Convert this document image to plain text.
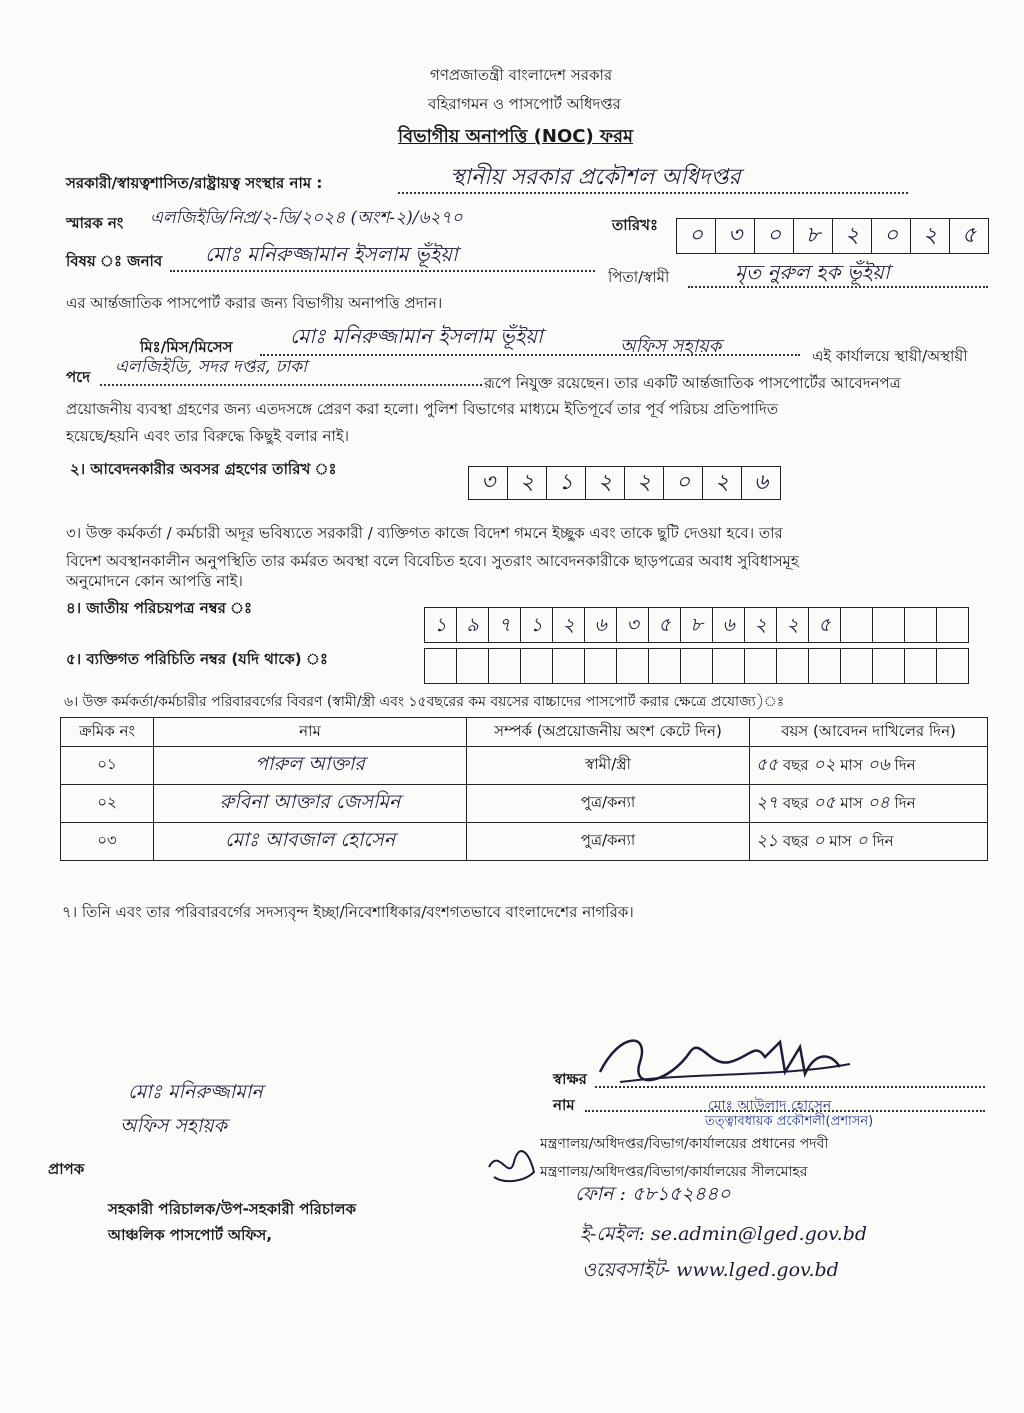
গণপ্রজাতন্ত্রী বাংলাদেশ সরকার
বহিরাগমন ও পাসপোর্ট অধিদপ্তর
বিভাগীয় অনাপত্তি (NOC) ফরম
সরকারী/স্বায়ত্বশাসিত/রাষ্ট্রায়ত্ব সংস্থার নাম :	স্থানীয় সরকার প্রকৌশল অধিদপ্তর
স্মারক নং এলজিইডি/নিপ্র/২-ডি/২০২৪ (অংশ-২)/৬২৭০	তারিখঃ	০	৩	০	৮	২	০	২	৫
বিষয় ঃ জনাব মোঃ মনিরুজ্জামান ইসলাম ভূঁইয়া
পিতা/স্বামী	মৃত নুরুল হক ভূঁইয়া
এর আর্ন্তজাতিক পাসপোর্ট করার জন্য বিভাগীয় অনাপত্তি প্রদান।
মিঃ/মিস/মিসেস	মোঃ মনিরুজ্জামান ইসলাম ভূঁইয়া	অফিস সহায়ক	এই কার্যালয়ে স্থায়ী/অস্থায়ী
পদে এলজিইডি, সদর দপ্তর, ঢাকা
রূপে নিযুক্ত রয়েছেন। তার একটি আর্ন্তজাতিক পাসপোর্টের আবেদনপত্র
প্রয়োজনীয় ব্যবস্থা গ্রহণের জন্য এতদসঙ্গে প্রেরণ করা হলো। পুলিশ বিভাগের মাধ্যমে ইতিপূর্বে তার পূর্ব পরিচয় প্রতিপাদিত
হয়েছে/হয়নি এবং তার বিরুদ্ধে কিছুই বলার নাই।
২। আবেদনকারীর অবসর গ্রহণের তারিখ ঃ
৩	২	১	২	২	০	২	৬
৩। উক্ত কর্মকর্তা / কর্মচারী অদূর ভবিষ্যতে সরকারী / ব্যক্তিগত কাজে বিদেশ গমনে ইচ্ছুক এবং তাকে ছুটি দেওয়া হবে। তার
বিদেশ অবস্থানকালীন অনুপস্থিতি তার কর্মরত অবস্থা বলে বিবেচিত হবে। সুতরাং আবেদনকারীকে ছাড়পত্রের অবাধ সুবিধাসমূহ
অনুমোদনে কোন আপত্তি নাই।
৪। জাতীয় পরিচয়পত্র নম্বর ঃ
১	৯	৭	১	২	৬	৩	৫	৮	৬	২	২	৫
৫। ব্যক্তিগত পরিচিতি নম্বর (যদি থাকে) ঃ
৬। উক্ত কর্মকর্তা/কর্মচারীর পরিবারবর্গের বিবরণ (স্বামী/স্ত্রী এবং ১৫বছরের কম বয়সের বাচ্চাদের পাসপোর্ট করার ক্ষেত্রে প্রযোজ্য)ঃ
ক্রমিক নং	নাম	সম্পর্ক (অপ্রয়োজনীয় অংশ কেটে দিন)	বয়স (আবেদন দাখিলের দিন)
০১	পারুল আক্তার	স্বামী/স্ত্রী	৫৫ বছর ০২ মাস ০৬ দিন
০২	রুবিনা আক্তার জেসমিন	পুত্র/কন্যা	২৭ বছর ০৫ মাস ০৪ দিন
০৩	মোঃ আবজাল হোসেন	পুত্র/কন্যা	২১ বছর ০ মাস ০ দিন
৭। তিনি এবং তার পরিবারবর্গের সদস্যবৃন্দ ইচ্ছা/নিবেশাধিকার/বংশগতভাবে বাংলাদেশের নাগরিক।
স্বাক্ষর
নাম	মোঃ আউলাদ হোসেন
তত্ত্বাবধায়ক প্রকৌশলী(প্রশাসন)
মন্ত্রণালয়/অধিদপ্তর/বিভাগ/কার্যালয়ের প্রধানের পদবী
মন্ত্রণালয়/অধিদপ্তর/বিভাগ/কার্যালয়ের সীলমোহর
ফোন : ৫৮১৫২৪৪০
ই-মেইল: se.admin@lged.gov.bd
ওয়েবসাইট- www.lged.gov.bd
মোঃ মনিরুজ্জামান
অফিস সহায়ক
প্রাপক
সহকারী পরিচালক/উপ-সহকারী পরিচালক
আঞ্চলিক পাসপোর্ট অফিস,
